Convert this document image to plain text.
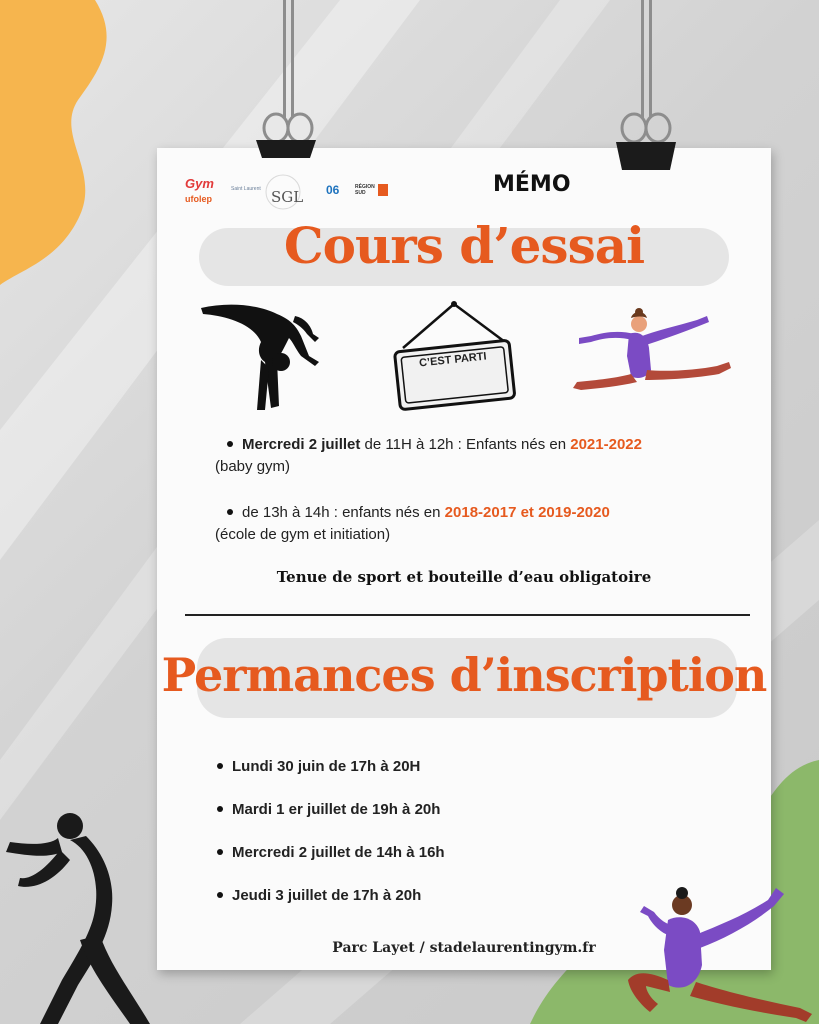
Gym
ufolep
Saint Laurent SGL 06	RÉGION
SUD	MÉMO
Cours d’essai
C’EST PARTI
Mercredi 2 juillet de 11H à 12h : Enfants nés en 2021-2022
(baby gym)
de 13h à 14h : enfants nés en 2018-2017 et 2019-2020
(école de gym et initiation)
Tenue de sport et bouteille d’eau obligatoire
Permances d’inscription
Lundi 30 juin de 17h à 20H
Mardi 1 er juillet de 19h à 20h
Mercredi 2 juillet de 14h à 16h
Jeudi 3 juillet de 17h à 20h
Parc Layet / stadelaurentingym.fr
